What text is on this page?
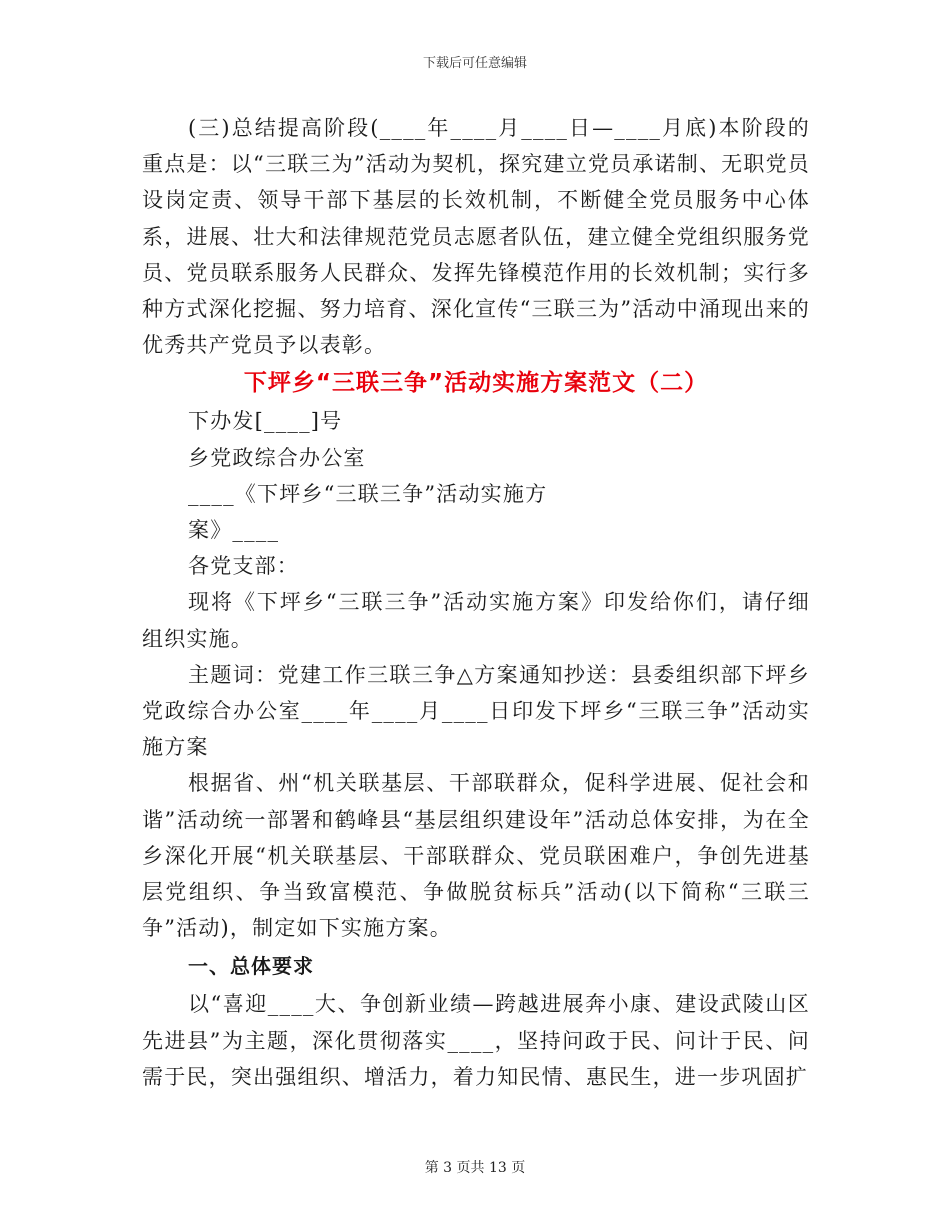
下载后可任意编辑

(三)总结提高阶段(____年____月____日—____月底)本阶段的重点是：以“三联三为”活动为契机，探究建立党员承诺制、无职党员设岗定责、领导干部下基层的长效机制，不断健全党员服务中心体系，进展、壮大和法律规范党员志愿者队伍，建立健全党组织服务党员、党员联系服务人民群众、发挥先锋模范作用的长效机制；实行多种方式深化挖掘、努力培育、深化宣传“三联三为”活动中涌现出来的优秀共产党员予以表彰。

下坪乡“三联三争”活动实施方案范文（二）

下办发[____]号

乡党政综合办公室

____《下坪乡“三联三争”活动实施方

案》____

各党支部：

现将《下坪乡“三联三争”活动实施方案》印发给你们，请仔细组织实施。

主题词：党建工作三联三争△方案通知抄送：县委组织部下坪乡党政综合办公室____年____月____日印发下坪乡“三联三争”活动实施方案

根据省、州“机关联基层、干部联群众，促科学进展、促社会和谐”活动统一部署和鹤峰县“基层组织建设年”活动总体安排，为在全乡深化开展“机关联基层、干部联群众、党员联困难户，争创先进基层党组织、争当致富模范、争做脱贫标兵”活动(以下简称“三联三争”活动)，制定如下实施方案。

一、总体要求

以“喜迎____大、争创新业绩—跨越进展奔小康、建设武陵山区先进县”为主题，深化贯彻落实____，坚持问政于民、问计于民、问需于民，突出强组织、增活力，着力知民情、惠民生，进一步巩固扩

第 3 页共 13 页
